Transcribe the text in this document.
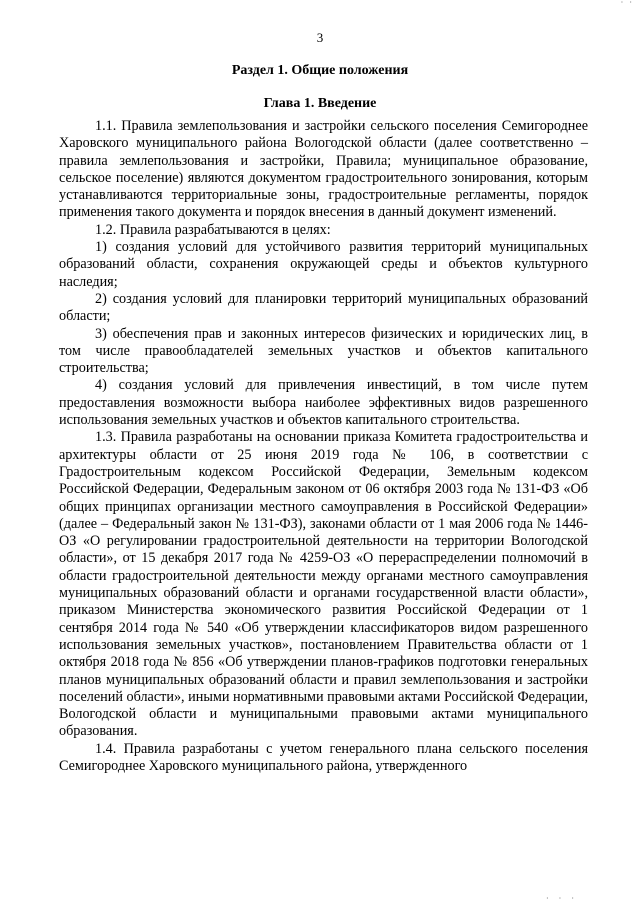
· ·
3
Раздел 1. Общие положения
Глава 1. Введение

1.1. Правила землепользования и застройки сельского поселения Семигороднее Харовского муниципального района Вологодской области (далее соответственно – правила землепользования и застройки, Правила; муниципальное образование, сельское поселение) являются документом градостроительного зонирования, которым устанавливаются территориальные зоны, градостроительные регламенты, порядок применения такого документа и порядок внесения в данный документ изменений.

1.2. Правила разрабатываются в целях:

1) создания условий для устойчивого развития территорий муниципальных образований области, сохранения окружающей среды и объектов культурного наследия;

2) создания условий для планировки территорий муниципальных образований области;

3) обеспечения прав и законных интересов физических и юридических лиц, в том числе правообладателей земельных участков и объектов капитального строительства;

4) создания условий для привлечения инвестиций, в том числе путем предоставления возможности выбора наиболее эффективных видов разрешенного использования земельных участков и объектов капитального строительства.

1.3. Правила разработаны на основании приказа Комитета градостроительства и архитектуры области от 25 июня 2019 года № 106, в соответствии с Градостроительным кодексом Российской Федерации, Земельным кодексом Российской Федерации, Федеральным законом от 06 октября 2003 года № 131-ФЗ «Об общих принципах организации местного самоуправления в Российской Федерации» (далее – Федеральный закон № 131-ФЗ), законами области от 1 мая 2006 года № 1446-ОЗ «О регулировании градостроительной деятельности на территории Вологодской области», от 15 декабря 2017 года № 4259-ОЗ «О перераспределении полномочий в области градостроительной деятельности между органами местного самоуправления муниципальных образований области и органами государственной власти области», приказом Министерства экономического развития Российской Федерации от 1 сентября 2014 года № 540 «Об утверждении классификаторов видом разрешенного использования земельных участков», постановлением Правительства области от 1 октября 2018 года № 856 «Об утверждении планов-графиков подготовки генеральных планов муниципальных образований области и правил землепользования и застройки поселений области», иными нормативными правовыми актами Российской Федерации, Вологодской области и муниципальными правовыми актами муниципального образования.

1.4. Правила разработаны с учетом генерального плана сельского поселения Семигороднее Харовского муниципального района, утвержденного

· · ·
